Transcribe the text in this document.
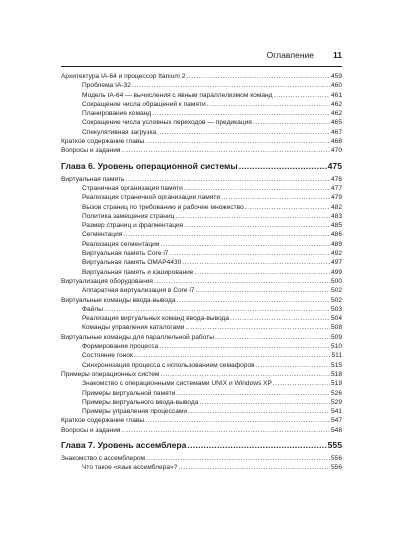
Оглавление 11
Архитектура IA-64 и процессор Itanium 2 .....	459
Проблема IA-32 .....	460
Модель IA-64 — вычисления с явным параллелизмом команд .....	461
Сокращение числа обращений к памяти .....	462
Планирование команд .....	462
Сокращение числа условных переходов — предикация .....	465
Спекулятивная загрузка .....	467
Краткое содержание главы .....	468
Вопросы и задания .....	470
Глава 6. Уровень операционной системы .....	475
Виртуальная память .....	476
Страничная организация памяти .....	477
Реализация страничной организации памяти .....	479
Вызов страниц по требованию и рабочее множество .....	482
Политика замещения страниц .....	483
Размер страниц и фрагментация .....	485
Сегментация .....	486
Реализация сегментации .....	489
Виртуальная память Core i7 .....	492
Виртуальная память OMAP4430 .....	497
Виртуальная память и кэширование .....	499
Виртуализация оборудования .....	500
Аппаратная виртуализация в Core i7 .....	502
Виртуальные команды ввода-вывода .....	502
Файлы .....	503
Реализация виртуальных команд ввода-вывода .....	504
Команды управления каталогами .....	508
Виртуальные команды для параллельной работы .....	509
Формирование процесса .....	510
Состояние гонок .....	511
Синхронизация процесса с использованием семафоров .....	515
Примеры операционных систем .....	518
Знакомство с операционными системами UNIX и Windows XP .....	519
Примеры виртуальной памяти .....	526
Примеры виртуального ввода-вывода .....	529
Примеры управления процессами .....	541
Краткое содержание главы .....	547
Вопросы и задания .....	548
Глава 7. Уровень ассемблера .....	555
Знакомство с ассемблером .....	556
Что такое «язык ассемблера»? .....	556
